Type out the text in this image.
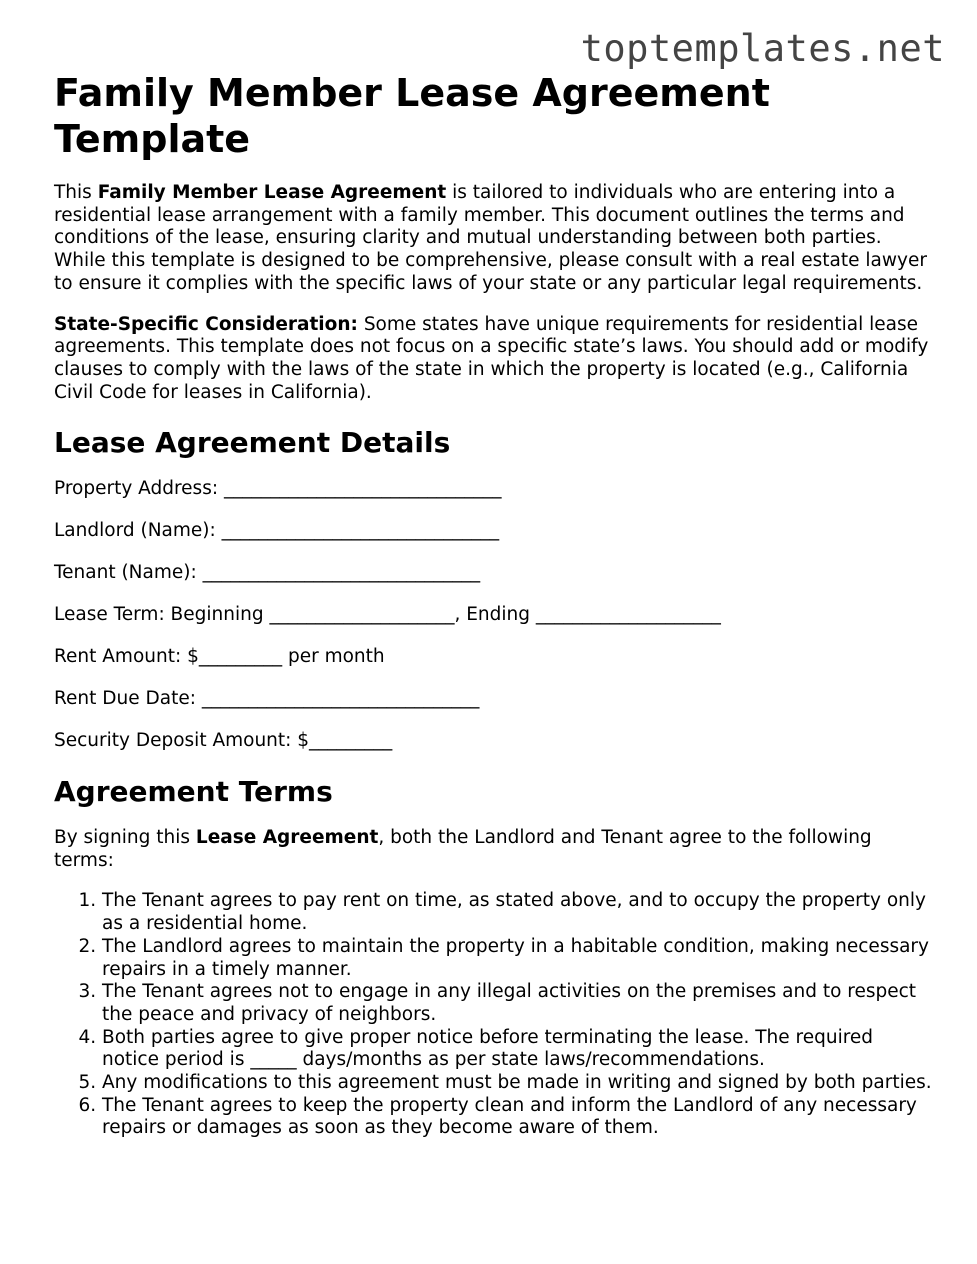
toptemplates.net
Family Member Lease Agreement Template

This Family Member Lease Agreement is tailored to individuals who are entering into a residential lease arrangement with a family member. This document outlines the terms and conditions of the lease, ensuring clarity and mutual understanding between both parties. While this template is designed to be comprehensive, please consult with a real estate lawyer to ensure it complies with the specific laws of your state or any particular legal requirements.

State-Specific Consideration: Some states have unique requirements for residential lease agreements. This template does not focus on a specific state’s laws. You should add or modify clauses to comply with the laws of the state in which the property is located (e.g., California Civil Code for leases in California).

Lease Agreement Details
Property Address: ______________________________
Landlord (Name): ______________________________
Tenant (Name): ______________________________
Lease Term: Beginning ____________________, Ending ____________________
Rent Amount: $_________ per month
Rent Due Date: ______________________________
Security Deposit Amount: $_________
Agreement Terms

By signing this Lease Agreement, both the Landlord and Tenant agree to the following terms:

1. The Tenant agrees to pay rent on time, as stated above, and to occupy the property only as a residential home.
2. The Landlord agrees to maintain the property in a habitable condition, making necessary repairs in a timely manner.
3. The Tenant agrees not to engage in any illegal activities on the premises and to respect the peace and privacy of neighbors.
4. Both parties agree to give proper notice before terminating the lease. The required notice period is _____ days/months as per state laws/recommendations.
5. Any modifications to this agreement must be made in writing and signed by both parties.
6. The Tenant agrees to keep the property clean and inform the Landlord of any necessary repairs or damages as soon as they become aware of them.
